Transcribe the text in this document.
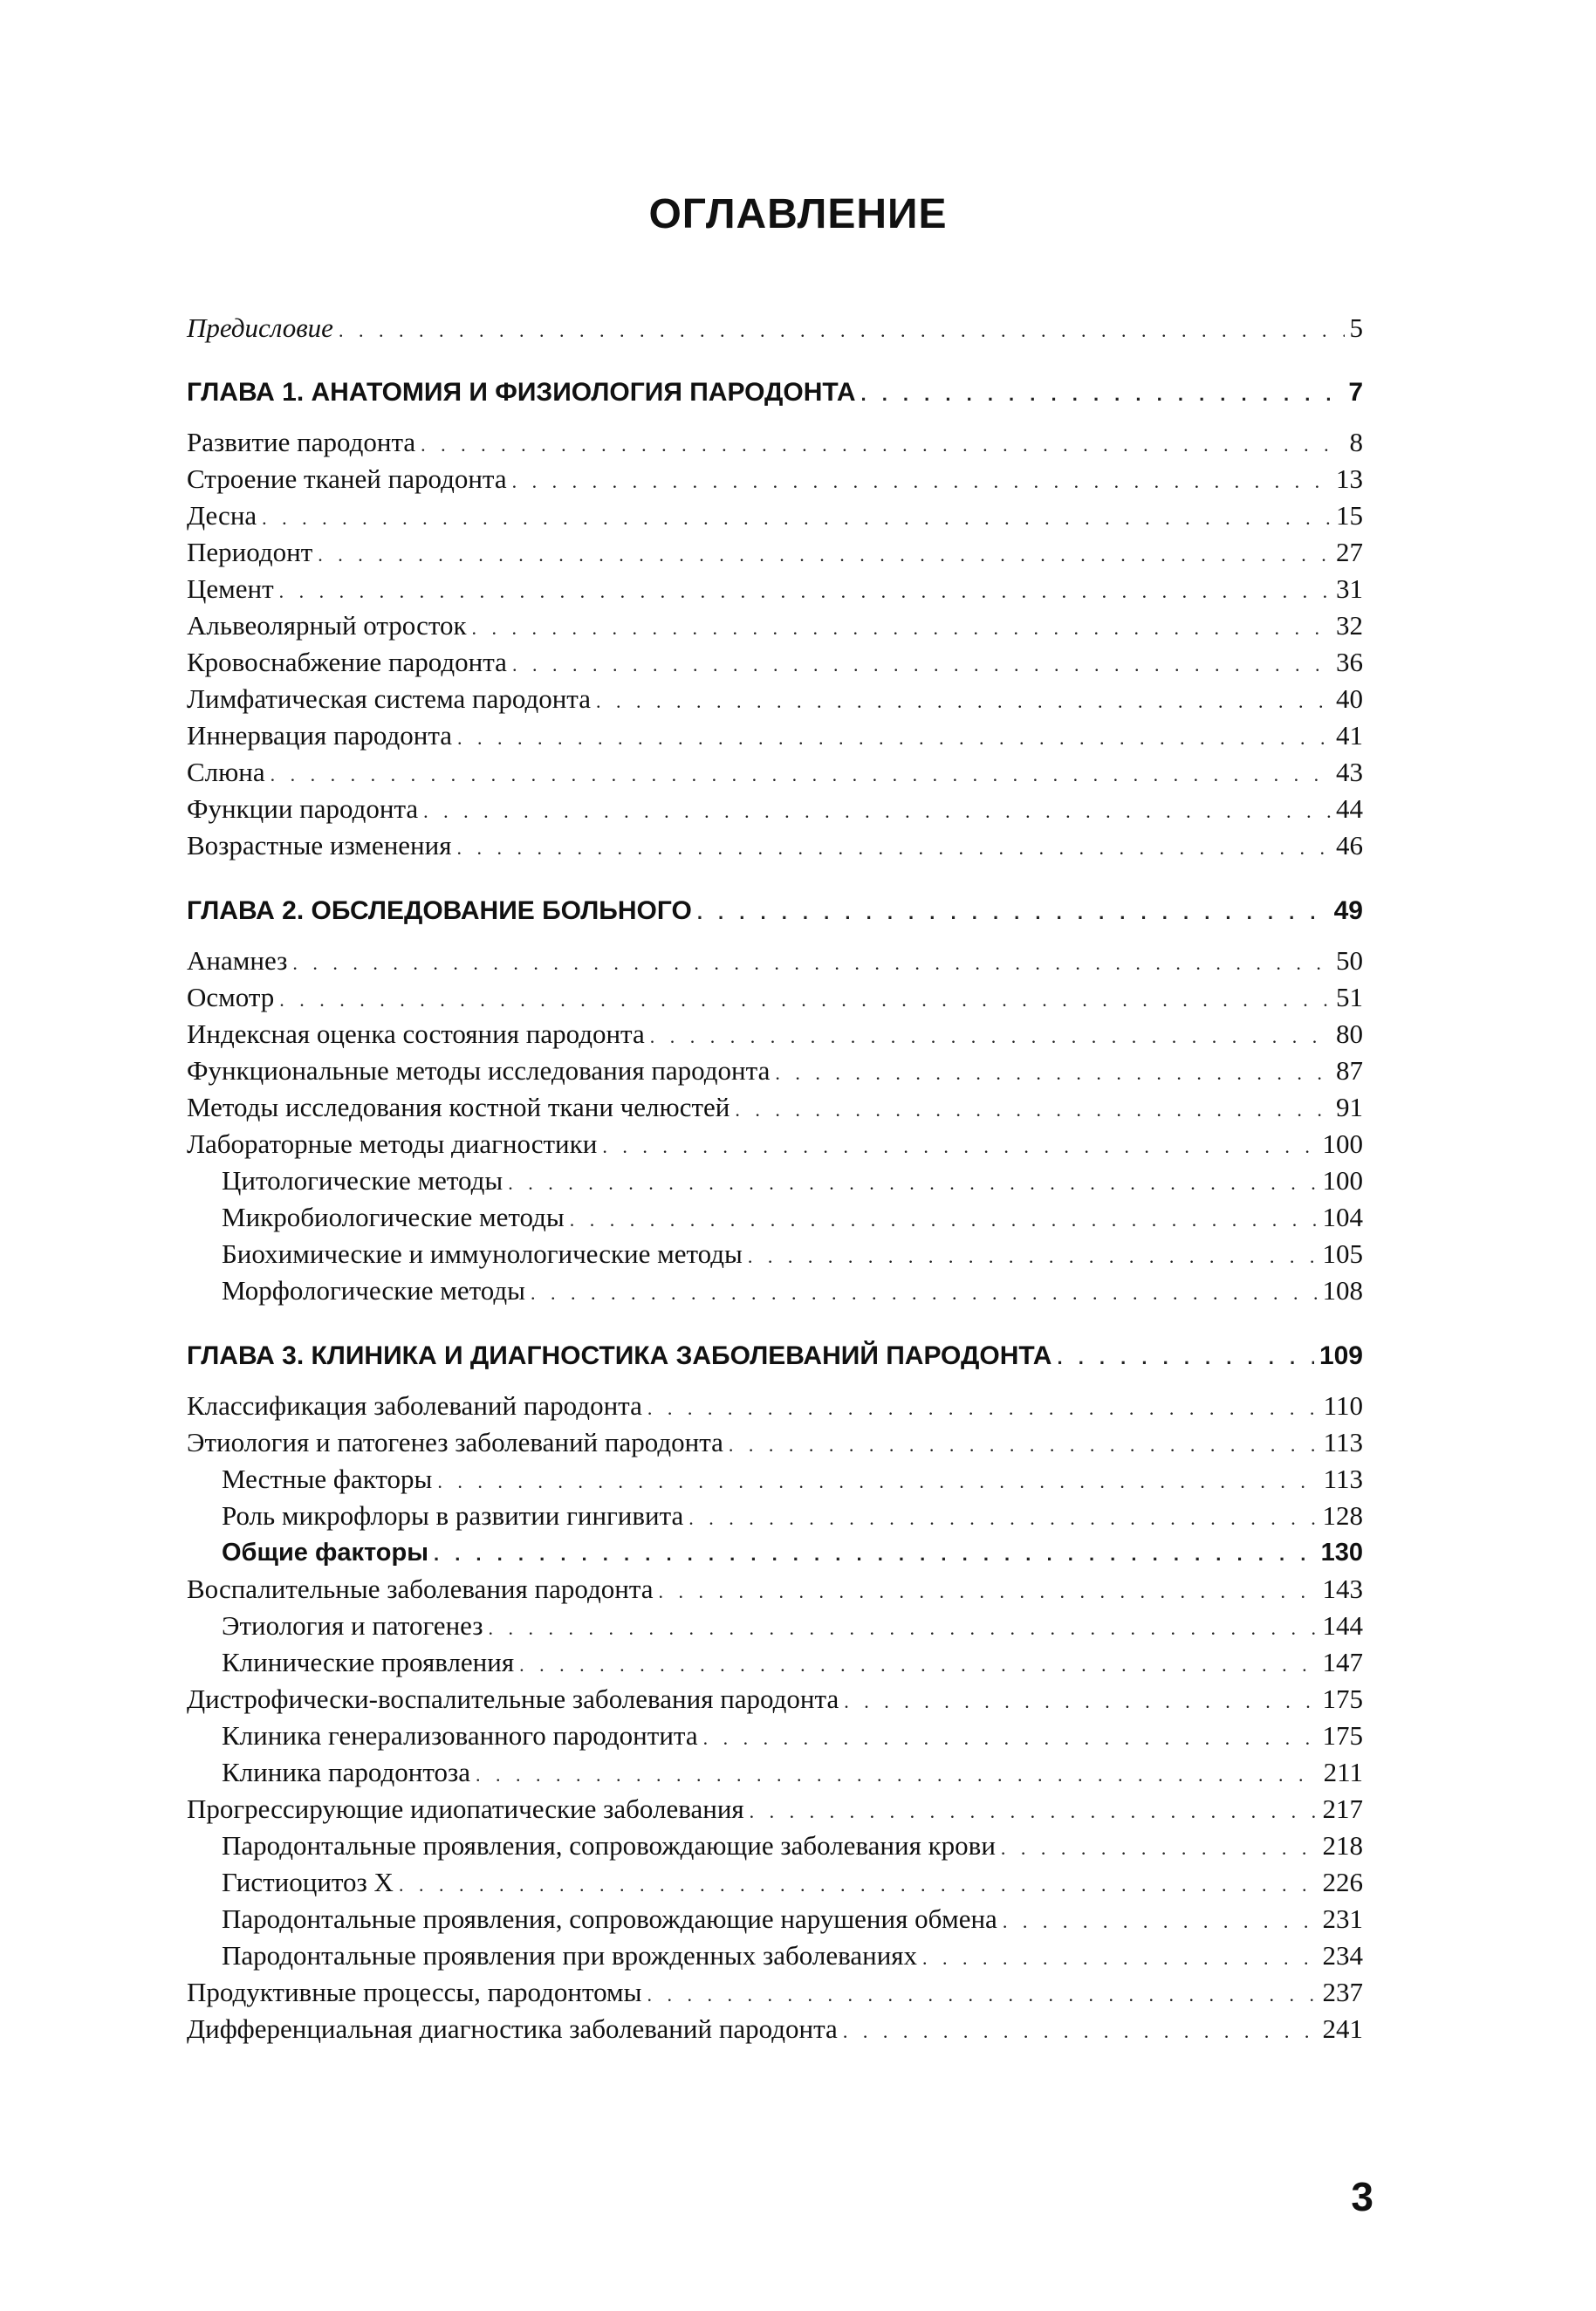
ОГЛАВЛЕНИЕ
Предисловие . . .	5
ГЛАВА 1. АНАТОМИЯ И ФИЗИОЛОГИЯ ПАРОДОНТА . . .	7
Развитие пародонта . . .	8
Строение тканей пародонта . . .	13
Десна . . .	15
Периодонт . . .	27
Цемент . . .	31
Альвеолярный отросток . . .	32
Кровоснабжение пародонта . . .	36
Лимфатическая система пародонта . . .	40
Иннервация пародонта . . .	41
Слюна . . .	43
Функции пародонта . . .	44
Возрастные изменения . . .	46
ГЛАВА 2. ОБСЛЕДОВАНИЕ БОЛЬНОГО . . .	49
Анамнез . . .	50
Осмотр . . .	51
Индексная оценка состояния пародонта . . .	80
Функциональные методы исследования пародонта . . .	87
Методы исследования костной ткани челюстей . . .	91
Лабораторные методы диагностики . . .	100
Цитологические методы . . .	100
Микробиологические методы . . .	104
Биохимические и иммунологические методы . . .	105
Морфологические методы . . .	108
ГЛАВА 3. КЛИНИКА И ДИАГНОСТИКА ЗАБОЛЕВАНИЙ ПАРОДОНТА . . .	109
Классификация заболеваний пародонта . . .	110
Этиология и патогенез заболеваний пародонта . . .	113
Местные факторы . . .	113
Роль микрофлоры в развитии гингивита . . .	128
Общие факторы . . .	130
Воспалительные заболевания пародонта . . .	143
Этиология и патогенез . . .	144
Клинические проявления . . .	147
Дистрофически-воспалительные заболевания пародонта . . .	175
Клиника генерализованного пародонтита . . .	175
Клиника пародонтоза . . .	211
Прогрессирующие идиопатические заболевания . . .	217
Пародонтальные проявления, сопровождающие заболевания крови . . .	218
Гистиоцитоз X . . .	226
Пародонтальные проявления, сопровождающие нарушения обмена . . .	231
Пародонтальные проявления при врожденных заболеваниях . . .	234
Продуктивные процессы, пародонтомы . . .	237
Дифференциальная диагностика заболеваний пародонта . . .	241
3
